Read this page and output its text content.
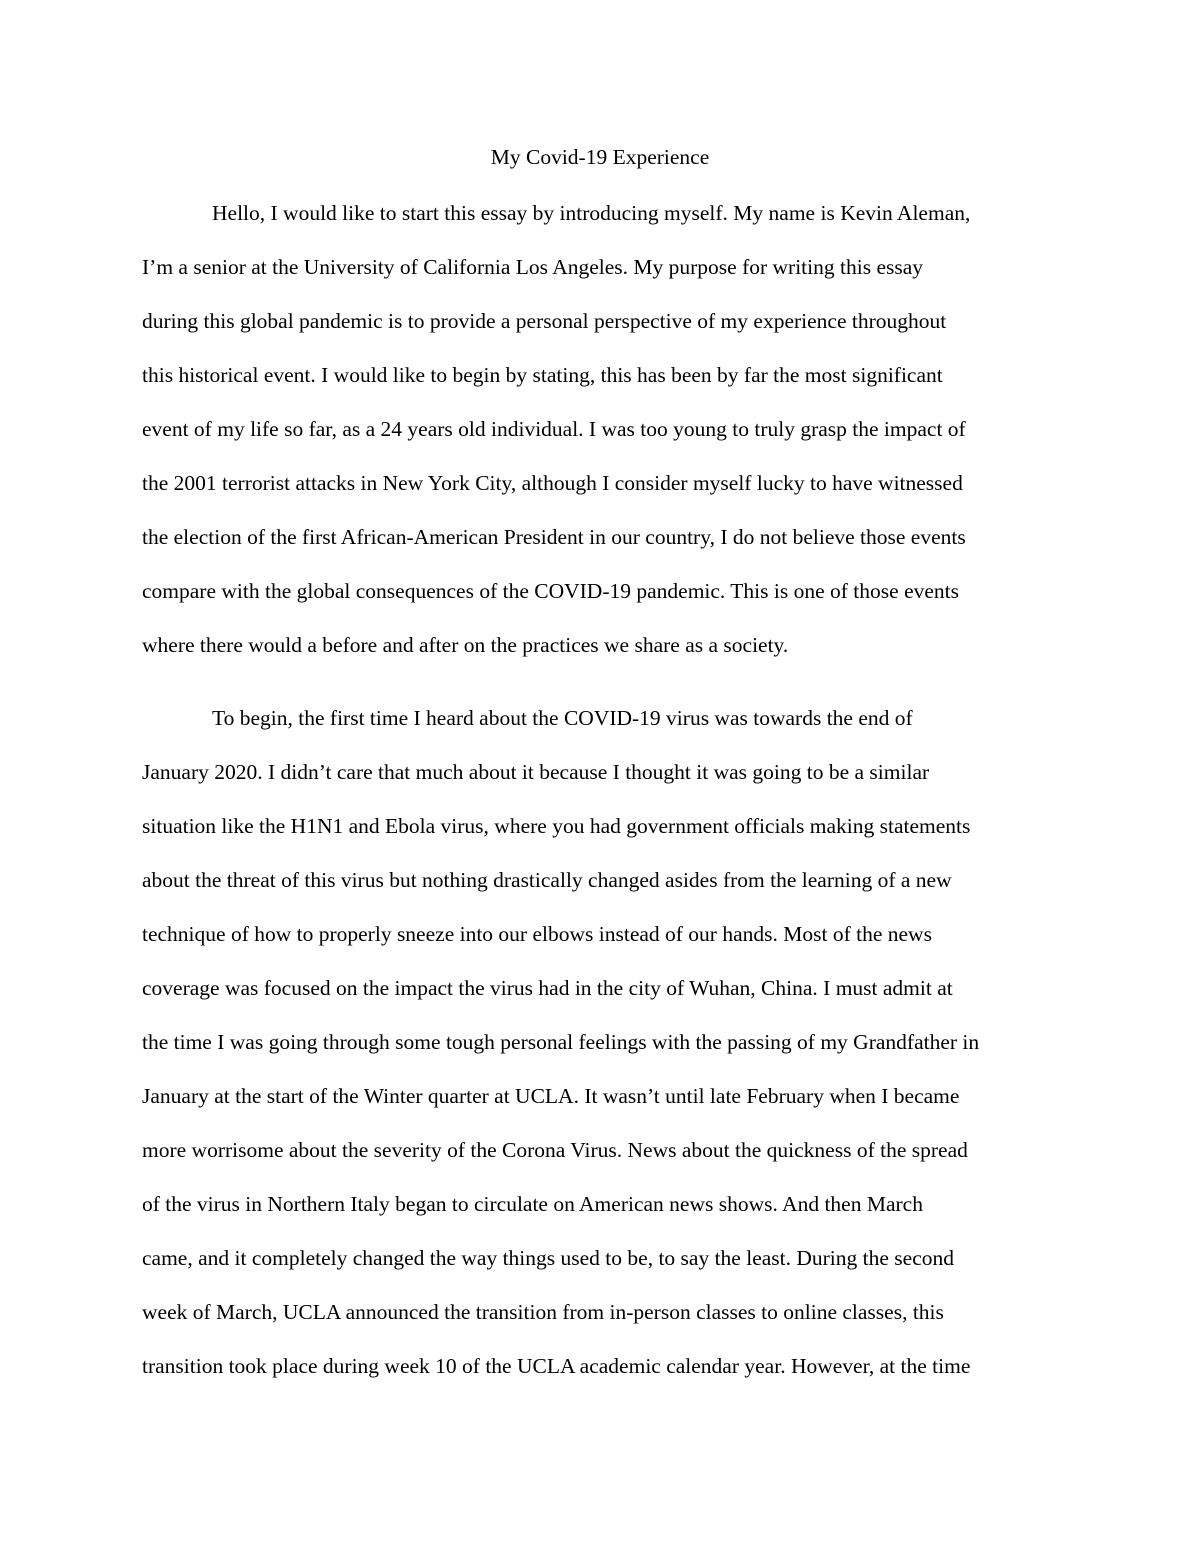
My Covid-19 Experience
Hello, I would like to start this essay by introducing myself. My name is Kevin Aleman,
I’m a senior at the University of California Los Angeles. My purpose for writing this essay
during this global pandemic is to provide a personal perspective of my experience throughout
this historical event. I would like to begin by stating, this has been by far the most significant
event of my life so far, as a 24 years old individual. I was too young to truly grasp the impact of
the 2001 terrorist attacks in New York City, although I consider myself lucky to have witnessed
the election of the first African-American President in our country, I do not believe those events
compare with the global consequences of the COVID-19 pandemic. This is one of those events
where there would a before and after on the practices we share as a society.
To begin, the first time I heard about the COVID-19 virus was towards the end of
January 2020. I didn’t care that much about it because I thought it was going to be a similar
situation like the H1N1 and Ebola virus, where you had government officials making statements
about the threat of this virus but nothing drastically changed asides from the learning of a new
technique of how to properly sneeze into our elbows instead of our hands. Most of the news
coverage was focused on the impact the virus had in the city of Wuhan, China. I must admit at
the time I was going through some tough personal feelings with the passing of my Grandfather in
January at the start of the Winter quarter at UCLA. It wasn’t until late February when I became
more worrisome about the severity of the Corona Virus. News about the quickness of the spread
of the virus in Northern Italy began to circulate on American news shows. And then March
came, and it completely changed the way things used to be, to say the least. During the second
week of March, UCLA announced the transition from in-person classes to online classes, this
transition took place during week 10 of the UCLA academic calendar year. However, at the time
